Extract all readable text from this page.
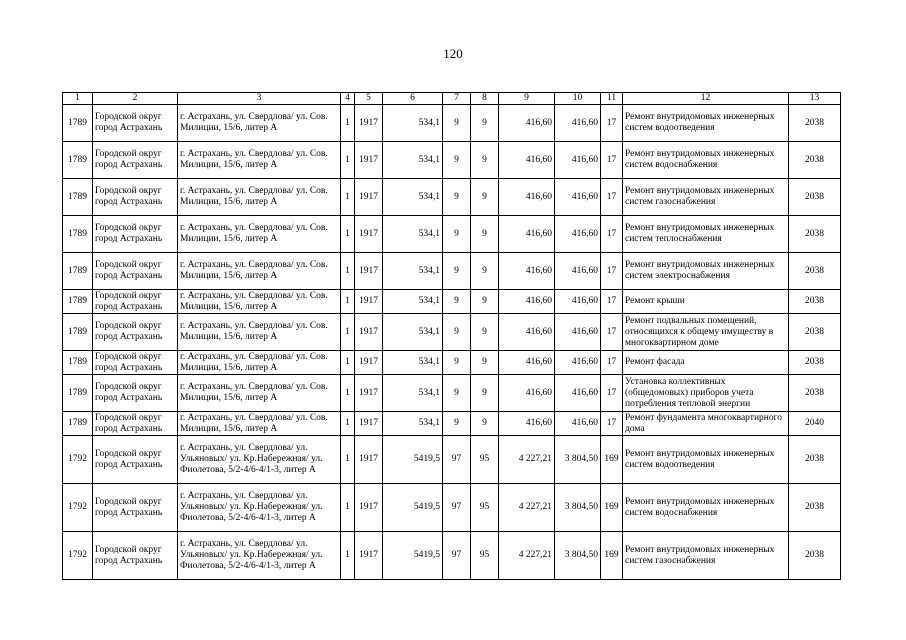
120
1	2	3	4	5	6	7	8	9	10	11	12	13
1789	Городской округ город Астрахань	г. Астрахань, ул. Свердлова/ ул. Сов. Милиции, 15/6, литер А	1	1917	534,1	9	9	416,60	416,60	17	Ремонт внутридомовых инженерных систем водоотведения	2038
1789	Городской округ город Астрахань	г. Астрахань, ул. Свердлова/ ул. Сов. Милиции, 15/6, литер А	1	1917	534,1	9	9	416,60	416,60	17	Ремонт внутридомовых инженерных систем водоснабжения	2038
1789	Городской округ город Астрахань	г. Астрахань, ул. Свердлова/ ул. Сов. Милиции, 15/6, литер А	1	1917	534,1	9	9	416,60	416,60	17	Ремонт внутридомовых инженерных систем газоснабжения	2038
1789	Городской округ город Астрахань	г. Астрахань, ул. Свердлова/ ул. Сов. Милиции, 15/6, литер А	1	1917	534,1	9	9	416,60	416,60	17	Ремонт внутридомовых инженерных систем теплоснабжения	2038
1789	Городской округ город Астрахань	г. Астрахань, ул. Свердлова/ ул. Сов. Милиции, 15/6, литер А	1	1917	534,1	9	9	416,60	416,60	17	Ремонт внутридомовых инженерных систем электроснабжения	2038
1789	Городской округ город Астрахань	г. Астрахань, ул. Свердлова/ ул. Сов. Милиции, 15/6, литер А	1	1917	534,1	9	9	416,60	416,60	17	Ремонт крыши	2038
1789	Городской округ город Астрахань	г. Астрахань, ул. Свердлова/ ул. Сов. Милиции, 15/6, литер А	1	1917	534,1	9	9	416,60	416,60	17	Ремонт подвальных помещений, относящихся к общему имуществу в многоквартирном доме	2038
1789	Городской округ город Астрахань	г. Астрахань, ул. Свердлова/ ул. Сов. Милиции, 15/6, литер А	1	1917	534,1	9	9	416,60	416,60	17	Ремонт фасада	2038
1789	Городской округ город Астрахань	г. Астрахань, ул. Свердлова/ ул. Сов. Милиции, 15/6, литер А	1	1917	534,1	9	9	416,60	416,60	17	Установка коллективных (общедомовых) приборов учета потребления тепловой энергии	2038
1789	Городской округ город Астрахань	г. Астрахань, ул. Свердлова/ ул. Сов. Милиции, 15/6, литер А	1	1917	534,1	9	9	416,60	416,60	17	Ремонт фундамента многоквартирного дома	2040
1792	Городской округ город Астрахань	г. Астрахань, ул. Свердлова/ ул. Ульяновых/ ул. Кр.Набережная/ ул. Фиолетова, 5/2-4/6-4/1-3, литер А	1	1917	5419,5	97	95	4 227,21	3 804,50	169	Ремонт внутридомовых инженерных систем водоотведения	2038
1792	Городской округ город Астрахань	г. Астрахань, ул. Свердлова/ ул. Ульяновых/ ул. Кр.Набережная/ ул. Фиолетова, 5/2-4/6-4/1-3, литер А	1	1917	5419,5	97	95	4 227,21	3 804,50	169	Ремонт внутридомовых инженерных систем водоснабжения	2038
1792	Городской округ город Астрахань	г. Астрахань, ул. Свердлова/ ул. Ульяновых/ ул. Кр.Набережная/ ул. Фиолетова, 5/2-4/6-4/1-3, литер А	1	1917	5419,5	97	95	4 227,21	3 804,50	169	Ремонт внутридомовых инженерных систем газоснабжения	2038
